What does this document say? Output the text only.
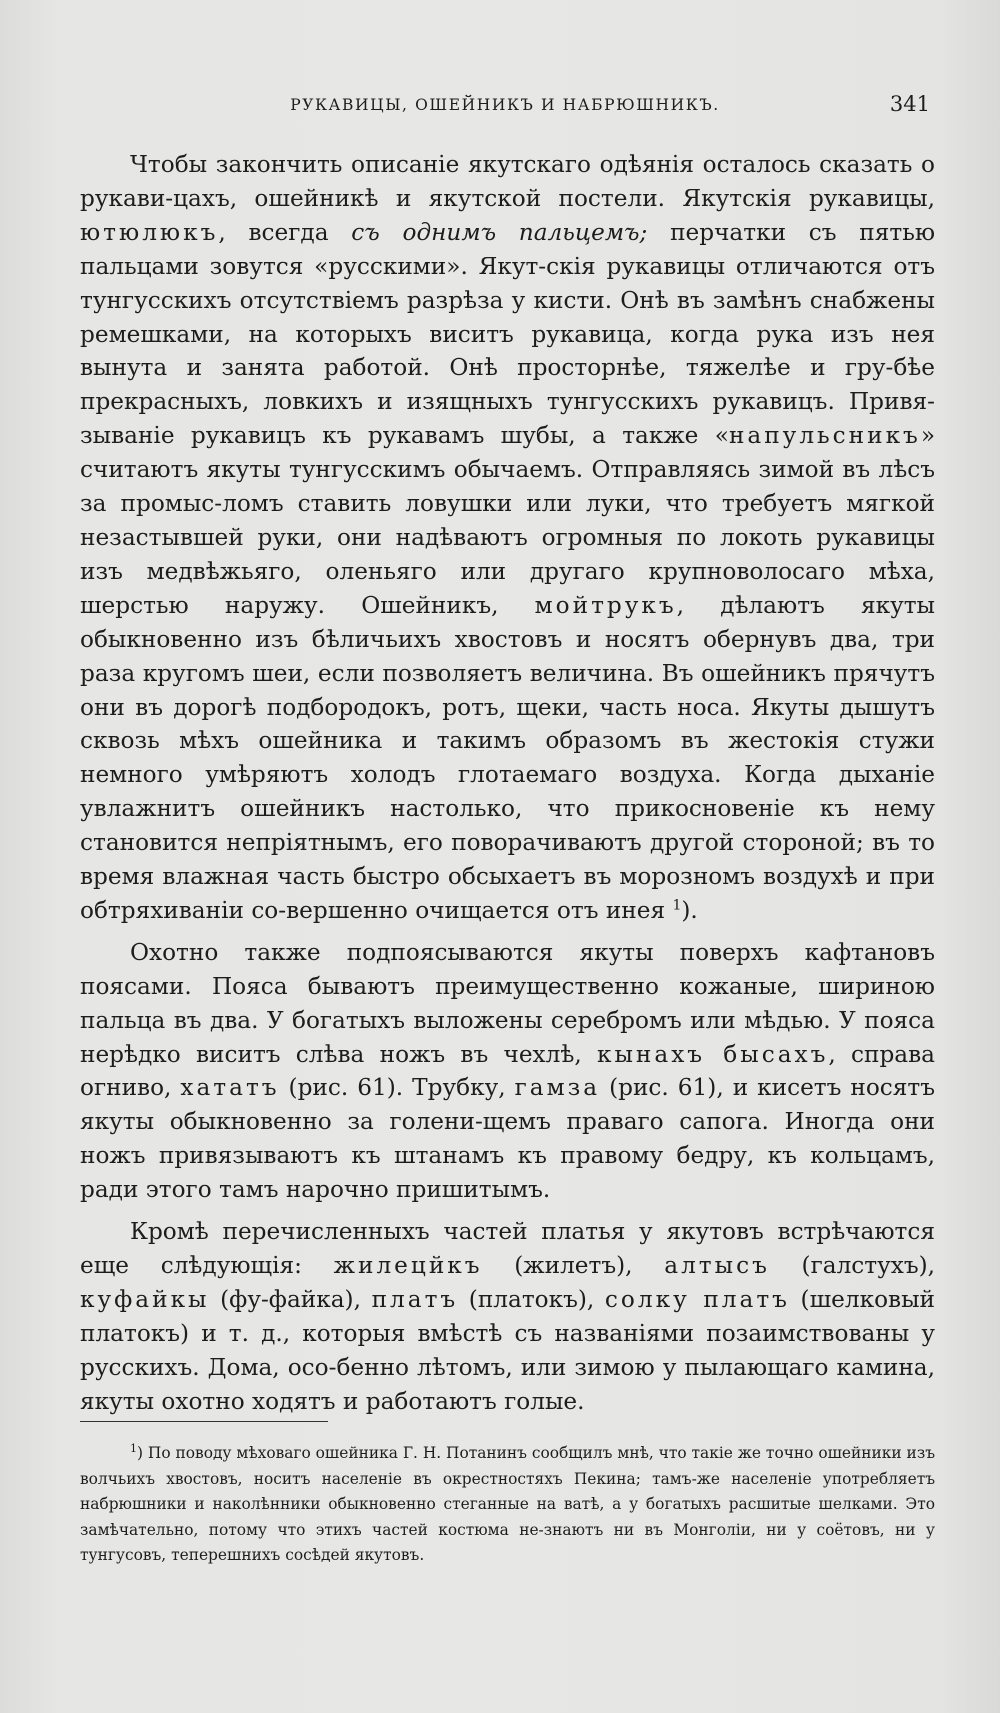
РУКАВИЦЫ, ОШЕЙНИКЪ И НАБРЮШНИКЪ.	341

Чтобы закончить описаніе якутскаго одѣянія осталось сказать о рукави-цахъ, ошейникѣ и якутской постели. Якутскія рукавицы, ютюлюкъ, всегда съ однимъ пальцемъ; перчатки съ пятью пальцами зовутся «русскими». Якут-скія рукавицы отличаются отъ тунгусскихъ отсутствіемъ разрѣза у кисти. Онѣ въ замѣнъ снабжены ремешками, на которыхъ виситъ рукавица, когда рука изъ нея вынута и занята работой. Онѣ просторнѣе, тяжелѣе и гру-бѣе прекрасныхъ, ловкихъ и изящныхъ тунгусскихъ рукавицъ. Привя-зываніе рукавицъ къ рукавамъ шубы, а также «напульсникъ» считаютъ якуты тунгусскимъ обычаемъ. Отправляясь зимой въ лѣсъ за промыс-ломъ ставить ловушки или луки, что требуетъ мягкой незастывшей руки, они надѣваютъ огромныя по локоть рукавицы изъ медвѣжьяго, оленьяго или другаго крупноволосаго мѣха, шерстью наружу. Ошейникъ, мойтрукъ, дѣлаютъ якуты обыкновенно изъ бѣличьихъ хвостовъ и носятъ обернувъ два, три раза кругомъ шеи, если позволяетъ величина. Въ ошейникъ прячутъ они въ дорогѣ подбородокъ, ротъ, щеки, часть носа. Якуты дышутъ сквозь мѣхъ ошейника и такимъ образомъ въ жестокія стужи немного умѣряютъ холодъ глотаемаго воздуха. Когда дыханіе увлажнитъ ошейникъ настолько, что прикосновеніе къ нему становится непріятнымъ, его поворачиваютъ другой стороной; въ то время влажная часть быстро обсыхаетъ въ морозномъ воздухѣ и при обтряхиваніи со-вершенно очищается отъ инея $^1$).

Охотно также подпоясываются якуты поверхъ кафтановъ поясами. Пояса бываютъ преимущественно кожаные, шириною пальца въ два. У богатыхъ выложены серебромъ или мѣдью. У пояса нерѣдко виситъ слѣва ножъ въ чехлѣ, кынахъ бысахъ, справа огниво, хататъ (рис. 61). Трубку, гамза (рис. 61), и кисетъ носятъ якуты обыкновенно за голени-щемъ праваго сапога. Иногда они ножъ привязываютъ къ штанамъ къ правому бедру, къ кольцамъ, ради этого тамъ нарочно пришитымъ.

Кромѣ перечисленныхъ частей платья у якутовъ встрѣчаются еще слѣдующія: жилецйкъ (жилетъ), алтысъ (галстухъ), куфайкы (фу-файка), платъ (платокъ), солку платъ (шелковый платокъ) и т. д., которыя вмѣстѣ съ названіями позаимствованы у русскихъ. Дома, осо-бенно лѣтомъ, или зимою у пылающаго камина, якуты охотно ходятъ и работаютъ голые.

$^1$) По поводу мѣховаго ошейника Г. Н. Потанинъ сообщилъ мнѣ, что такіе же точно ошейники изъ волчьихъ хвостовъ, носитъ населеніе въ окрестностяхъ Пекина; тамъ-же населеніе употребляетъ набрюшники и наколѣнники обыкновенно стеганные на ватѣ, а у богатыхъ расшитые шелками. Это замѣчательно, потому что этихъ частей костюма не-знаютъ ни въ Монголіи, ни у соётовъ, ни у тунгусовъ, теперешнихъ сосѣдей якутовъ.
